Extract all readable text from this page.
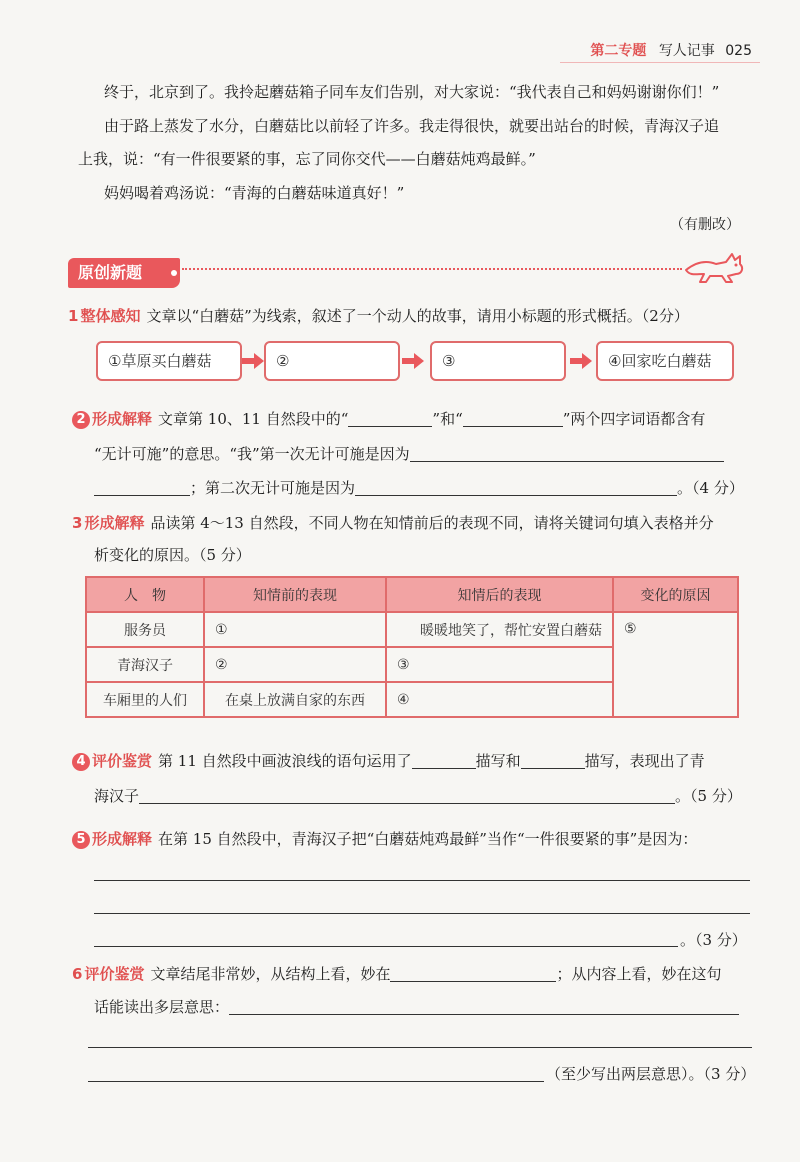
第二专题 写人记事 025
终于，北京到了。我拎起蘑菇箱子同车友们告别，对大家说：“我代表自己和妈妈谢谢你们！”
由于路上蒸发了水分，白蘑菇比以前轻了许多。我走得很快，就要出站台的时候，青海汉子追
上我，说：“有一件很要紧的事，忘了同你交代——白蘑菇炖鸡最鲜。”
妈妈喝着鸡汤说：“青海的白蘑菇味道真好！”
（有删改）
原创新题
1 整体感知 文章以“白蘑菇”为线索，叙述了一个动人的故事，请用小标题的形式概括。（2分）
①草原买白蘑菇	②	③	④回家吃白蘑菇
2 形成解释 文章第 10、11 自然段中的“	”和“	”两个四字词语都含有
“无计可施”的意思。“我”第一次无计可施是因为
；第二次无计可施是因为	。（4 分）
3 形成解释 品读第 4～13 自然段，不同人物在知情前后的表现不同，请将关键词句填入表格并分
析变化的原因。（5 分）
人　物	知情前的表现	知情后的表现	变化的原因
服务员	①	暖暖地笑了，帮忙安置白蘑菇	⑤
青海汉子	②	③	
车厢里的人们	在桌上放满自家的东西	④	
4 评价鉴赏 第 11 自然段中画波浪线的语句运用了	描写和	描写，表现出了青
海汉子	。（5 分）
5 形成解释 在第 15 自然段中，青海汉子把“白蘑菇炖鸡最鲜”当作“一件很要紧的事”是因为：
。（3 分）
6 评价鉴赏 文章结尾非常妙，从结构上看，妙在	；从内容上看，妙在这句
话能读出多层意思：
（至少写出两层意思）。（3 分）
